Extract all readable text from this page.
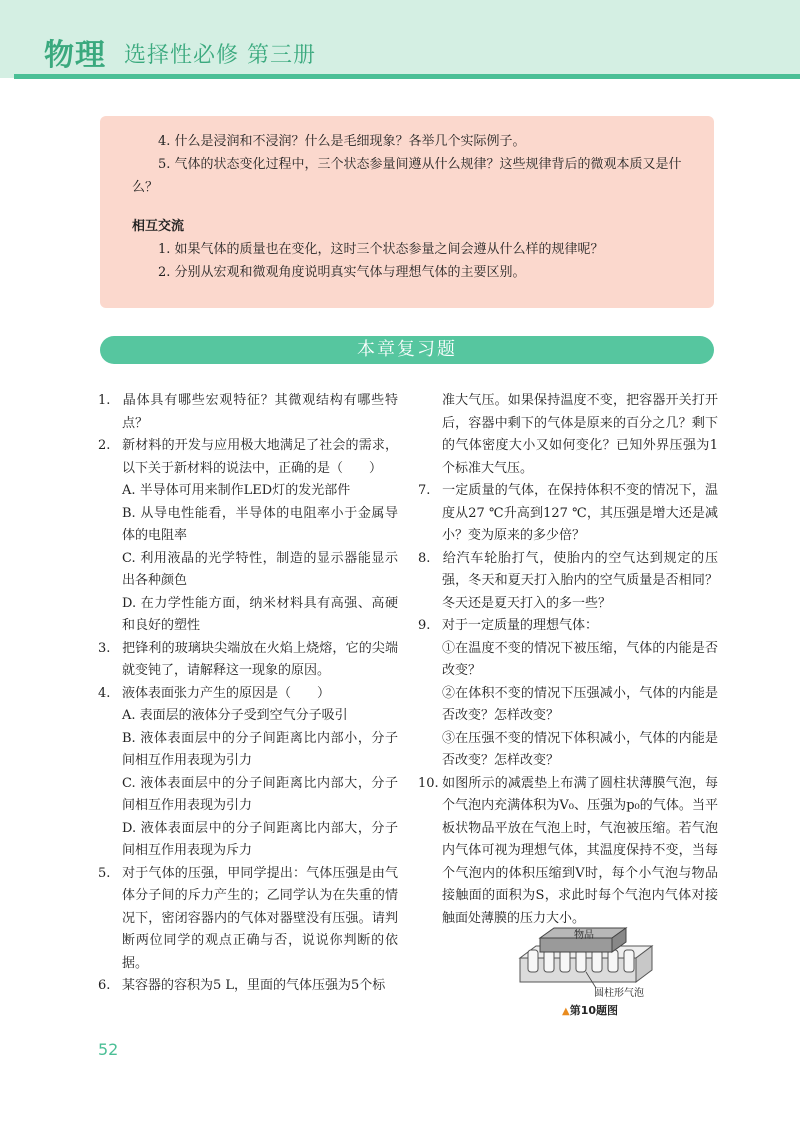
物理 选择性必修 第三册

4. 什么是浸润和不浸润？什么是毛细现象？各举几个实际例子。

5. 气体的状态变化过程中，三个状态参量间遵从什么规律？这些规律背后的微观本质又是什么？

相互交流

1. 如果气体的质量也在变化，这时三个状态参量之间会遵从什么样的规律呢？

2. 分别从宏观和微观角度说明真实气体与理想气体的主要区别。

本章复习题

1. 晶体具有哪些宏观特征？其微观结构有哪些特点？

2. 新材料的开发与应用极大地满足了社会的需求，以下关于新材料的说法中，正确的是（　　）

A. 半导体可用来制作LED灯的发光部件

B. 从导电性能看，半导体的电阻率小于金属导体的电阻率

C. 利用液晶的光学特性，制造的显示器能显示出各种颜色

D. 在力学性能方面，纳米材料具有高强、高硬和良好的塑性

3. 把锋利的玻璃块尖端放在火焰上烧熔，它的尖端就变钝了，请解释这一现象的原因。

4. 液体表面张力产生的原因是（　　）

A. 表面层的液体分子受到空气分子吸引

B. 液体表面层中的分子间距离比内部小，分子间相互作用表现为引力

C. 液体表面层中的分子间距离比内部大，分子间相互作用表现为引力

D. 液体表面层中的分子间距离比内部大，分子间相互作用表现为斥力

5. 对于气体的压强，甲同学提出：气体压强是由气体分子间的斥力产生的；乙同学认为在失重的情况下，密闭容器内的气体对器壁没有压强。请判断两位同学的观点正确与否，说说你判断的依据。

6. 某容器的容积为5 L，里面的气体压强为5个标

准大气压。如果保持温度不变，把容器开关打开后，容器中剩下的气体是原来的百分之几？剩下的气体密度大小又如何变化？已知外界压强为1个标准大气压。

7. 一定质量的气体，在保持体积不变的情况下，温度从27 ℃升高到127 ℃，其压强是增大还是减小？变为原来的多少倍？

8. 给汽车轮胎打气，使胎内的空气达到规定的压强，冬天和夏天打入胎内的空气质量是否相同？冬天还是夏天打入的多一些？

9. 对于一定质量的理想气体：

①在温度不变的情况下被压缩，气体的内能是否改变？

②在体积不变的情况下压强减小，气体的内能是否改变？怎样改变？

③在压强不变的情况下体积减小，气体的内能是否改变？怎样改变？

10. 如图所示的减震垫上布满了圆柱状薄膜气泡，每个气泡内充满体积为V₀、压强为p₀的气体。当平板状物品平放在气泡上时，气泡被压缩。若气泡内气体可视为理想气体，其温度保持不变，当每个气泡内的体积压缩到V时，每个小气泡与物品接触面的面积为S，求此时每个气泡内气体对接触面处薄膜的压力大小。

物品
圆柱形气泡
▲第10题图
52
